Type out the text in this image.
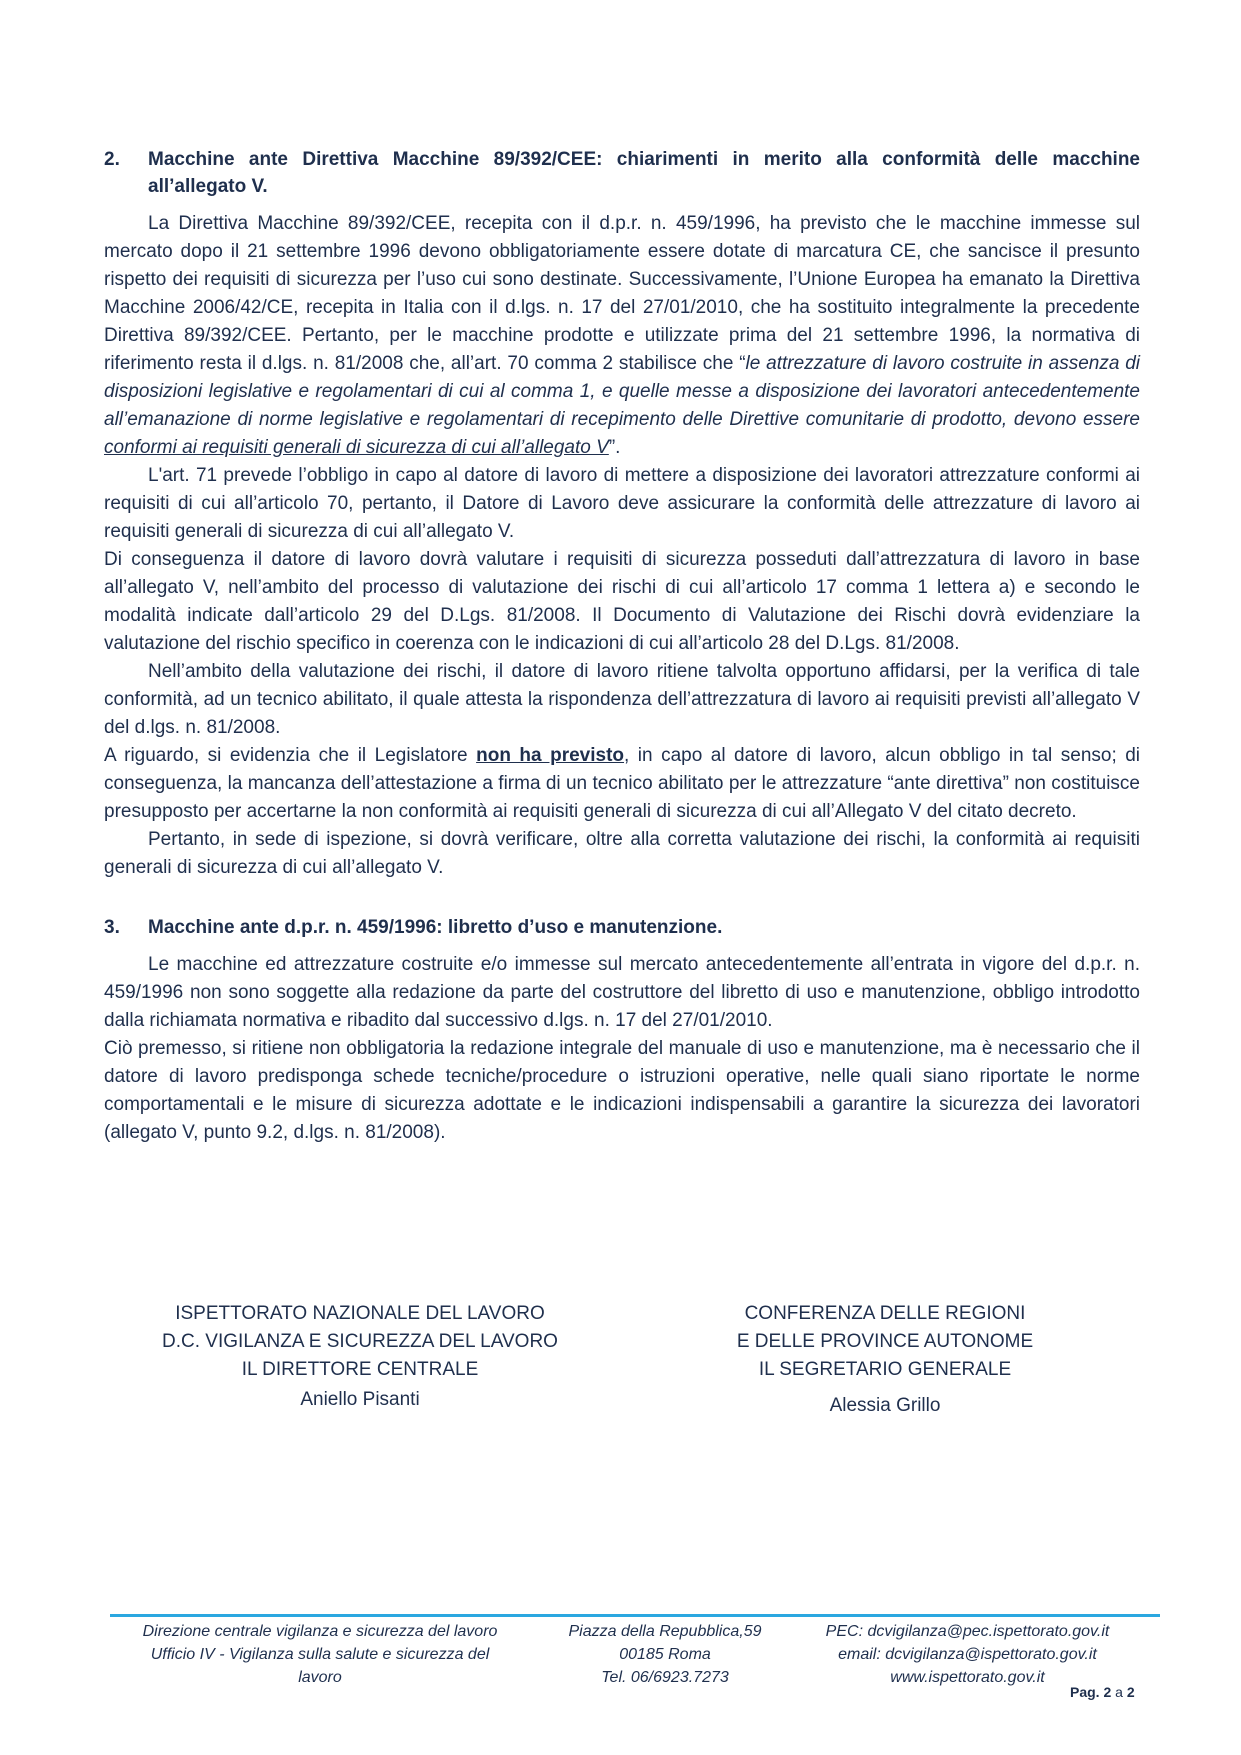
2.	Macchine ante Direttiva Macchine 89/392/CEE: chiarimenti in merito alla conformità delle macchine all’allegato V.

La Direttiva Macchine 89/392/CEE, recepita con il d.p.r. n. 459/1996, ha previsto che le macchine immesse sul mercato dopo il 21 settembre 1996 devono obbligatoriamente essere dotate di marcatura CE, che sancisce il presunto rispetto dei requisiti di sicurezza per l’uso cui sono destinate. Successivamente, l’Unione Europea ha emanato la Direttiva Macchine 2006/42/CE, recepita in Italia con il d.lgs. n. 17 del 27/01/2010, che ha sostituito integralmente la precedente Direttiva 89/392/CEE. Pertanto, per le macchine prodotte e utilizzate prima del 21 settembre 1996, la normativa di riferimento resta il d.lgs. n. 81/2008 che, all’art. 70 comma 2 stabilisce che “le attrezzature di lavoro costruite in assenza di disposizioni legislative e regolamentari di cui al comma 1, e quelle messe a disposizione dei lavoratori antecedentemente all’emanazione di norme legislative e regolamentari di recepimento delle Direttive comunitarie di prodotto, devono essere conformi ai requisiti generali di sicurezza di cui all’allegato V”.

L'art. 71 prevede l’obbligo in capo al datore di lavoro di mettere a disposizione dei lavoratori attrezzature conformi ai requisiti di cui all’articolo 70, pertanto, il Datore di Lavoro deve assicurare la conformità delle attrezzature di lavoro ai requisiti generali di sicurezza di cui all’allegato V.

Di conseguenza il datore di lavoro dovrà valutare i requisiti di sicurezza posseduti dall’attrezzatura di lavoro in base all’allegato V, nell’ambito del processo di valutazione dei rischi di cui all’articolo 17 comma 1 lettera a) e secondo le modalità indicate dall’articolo 29 del D.Lgs. 81/2008. Il Documento di Valutazione dei Rischi dovrà evidenziare la valutazione del rischio specifico in coerenza con le indicazioni di cui all’articolo 28 del D.Lgs. 81/2008.

Nell’ambito della valutazione dei rischi, il datore di lavoro ritiene talvolta opportuno affidarsi, per la verifica di tale conformità, ad un tecnico abilitato, il quale attesta la rispondenza dell’attrezzatura di lavoro ai requisiti previsti all’allegato V del d.lgs. n. 81/2008.

A riguardo, si evidenzia che il Legislatore non ha previsto, in capo al datore di lavoro, alcun obbligo in tal senso; di conseguenza, la mancanza dell’attestazione a firma di un tecnico abilitato per le attrezzature “ante direttiva” non costituisce presupposto per accertarne la non conformità ai requisiti generali di sicurezza di cui all’Allegato V del citato decreto.

Pertanto, in sede di ispezione, si dovrà verificare, oltre alla corretta valutazione dei rischi, la conformità ai requisiti generali di sicurezza di cui all’allegato V.

3.	Macchine ante d.p.r. n. 459/1996: libretto d’uso e manutenzione.

Le macchine ed attrezzature costruite e/o immesse sul mercato antecedentemente all’entrata in vigore del d.p.r. n. 459/1996 non sono soggette alla redazione da parte del costruttore del libretto di uso e manutenzione, obbligo introdotto dalla richiamata normativa e ribadito dal successivo d.lgs. n. 17 del 27/01/2010.

Ciò premesso, si ritiene non obbligatoria la redazione integrale del manuale di uso e manutenzione, ma è necessario che il datore di lavoro predisponga schede tecniche/procedure o istruzioni operative, nelle quali siano riportate le norme comportamentali e le misure di sicurezza adottate e le indicazioni indispensabili a garantire la sicurezza dei lavoratori (allegato V, punto 9.2, d.lgs. n. 81/2008).

ISPETTORATO NAZIONALE DEL LAVORO
D.C. VIGILANZA E SICUREZZA DEL LAVORO
IL DIRETTORE CENTRALE
Aniello Pisanti
CONFERENZA DELLE REGIONI
E DELLE PROVINCE AUTONOME
IL SEGRETARIO GENERALE
Alessia Grillo
Direzione centrale vigilanza e sicurezza del lavoro
Ufficio IV - Vigilanza sulla salute e sicurezza del
lavoro
Piazza della Repubblica,59
00185 Roma
Tel. 06/6923.7273
PEC: dcvigilanza@pec.ispettorato.gov.it
email: dcvigilanza@ispettorato.gov.it
www.ispettorato.gov.it
Pag. 2 a 2
